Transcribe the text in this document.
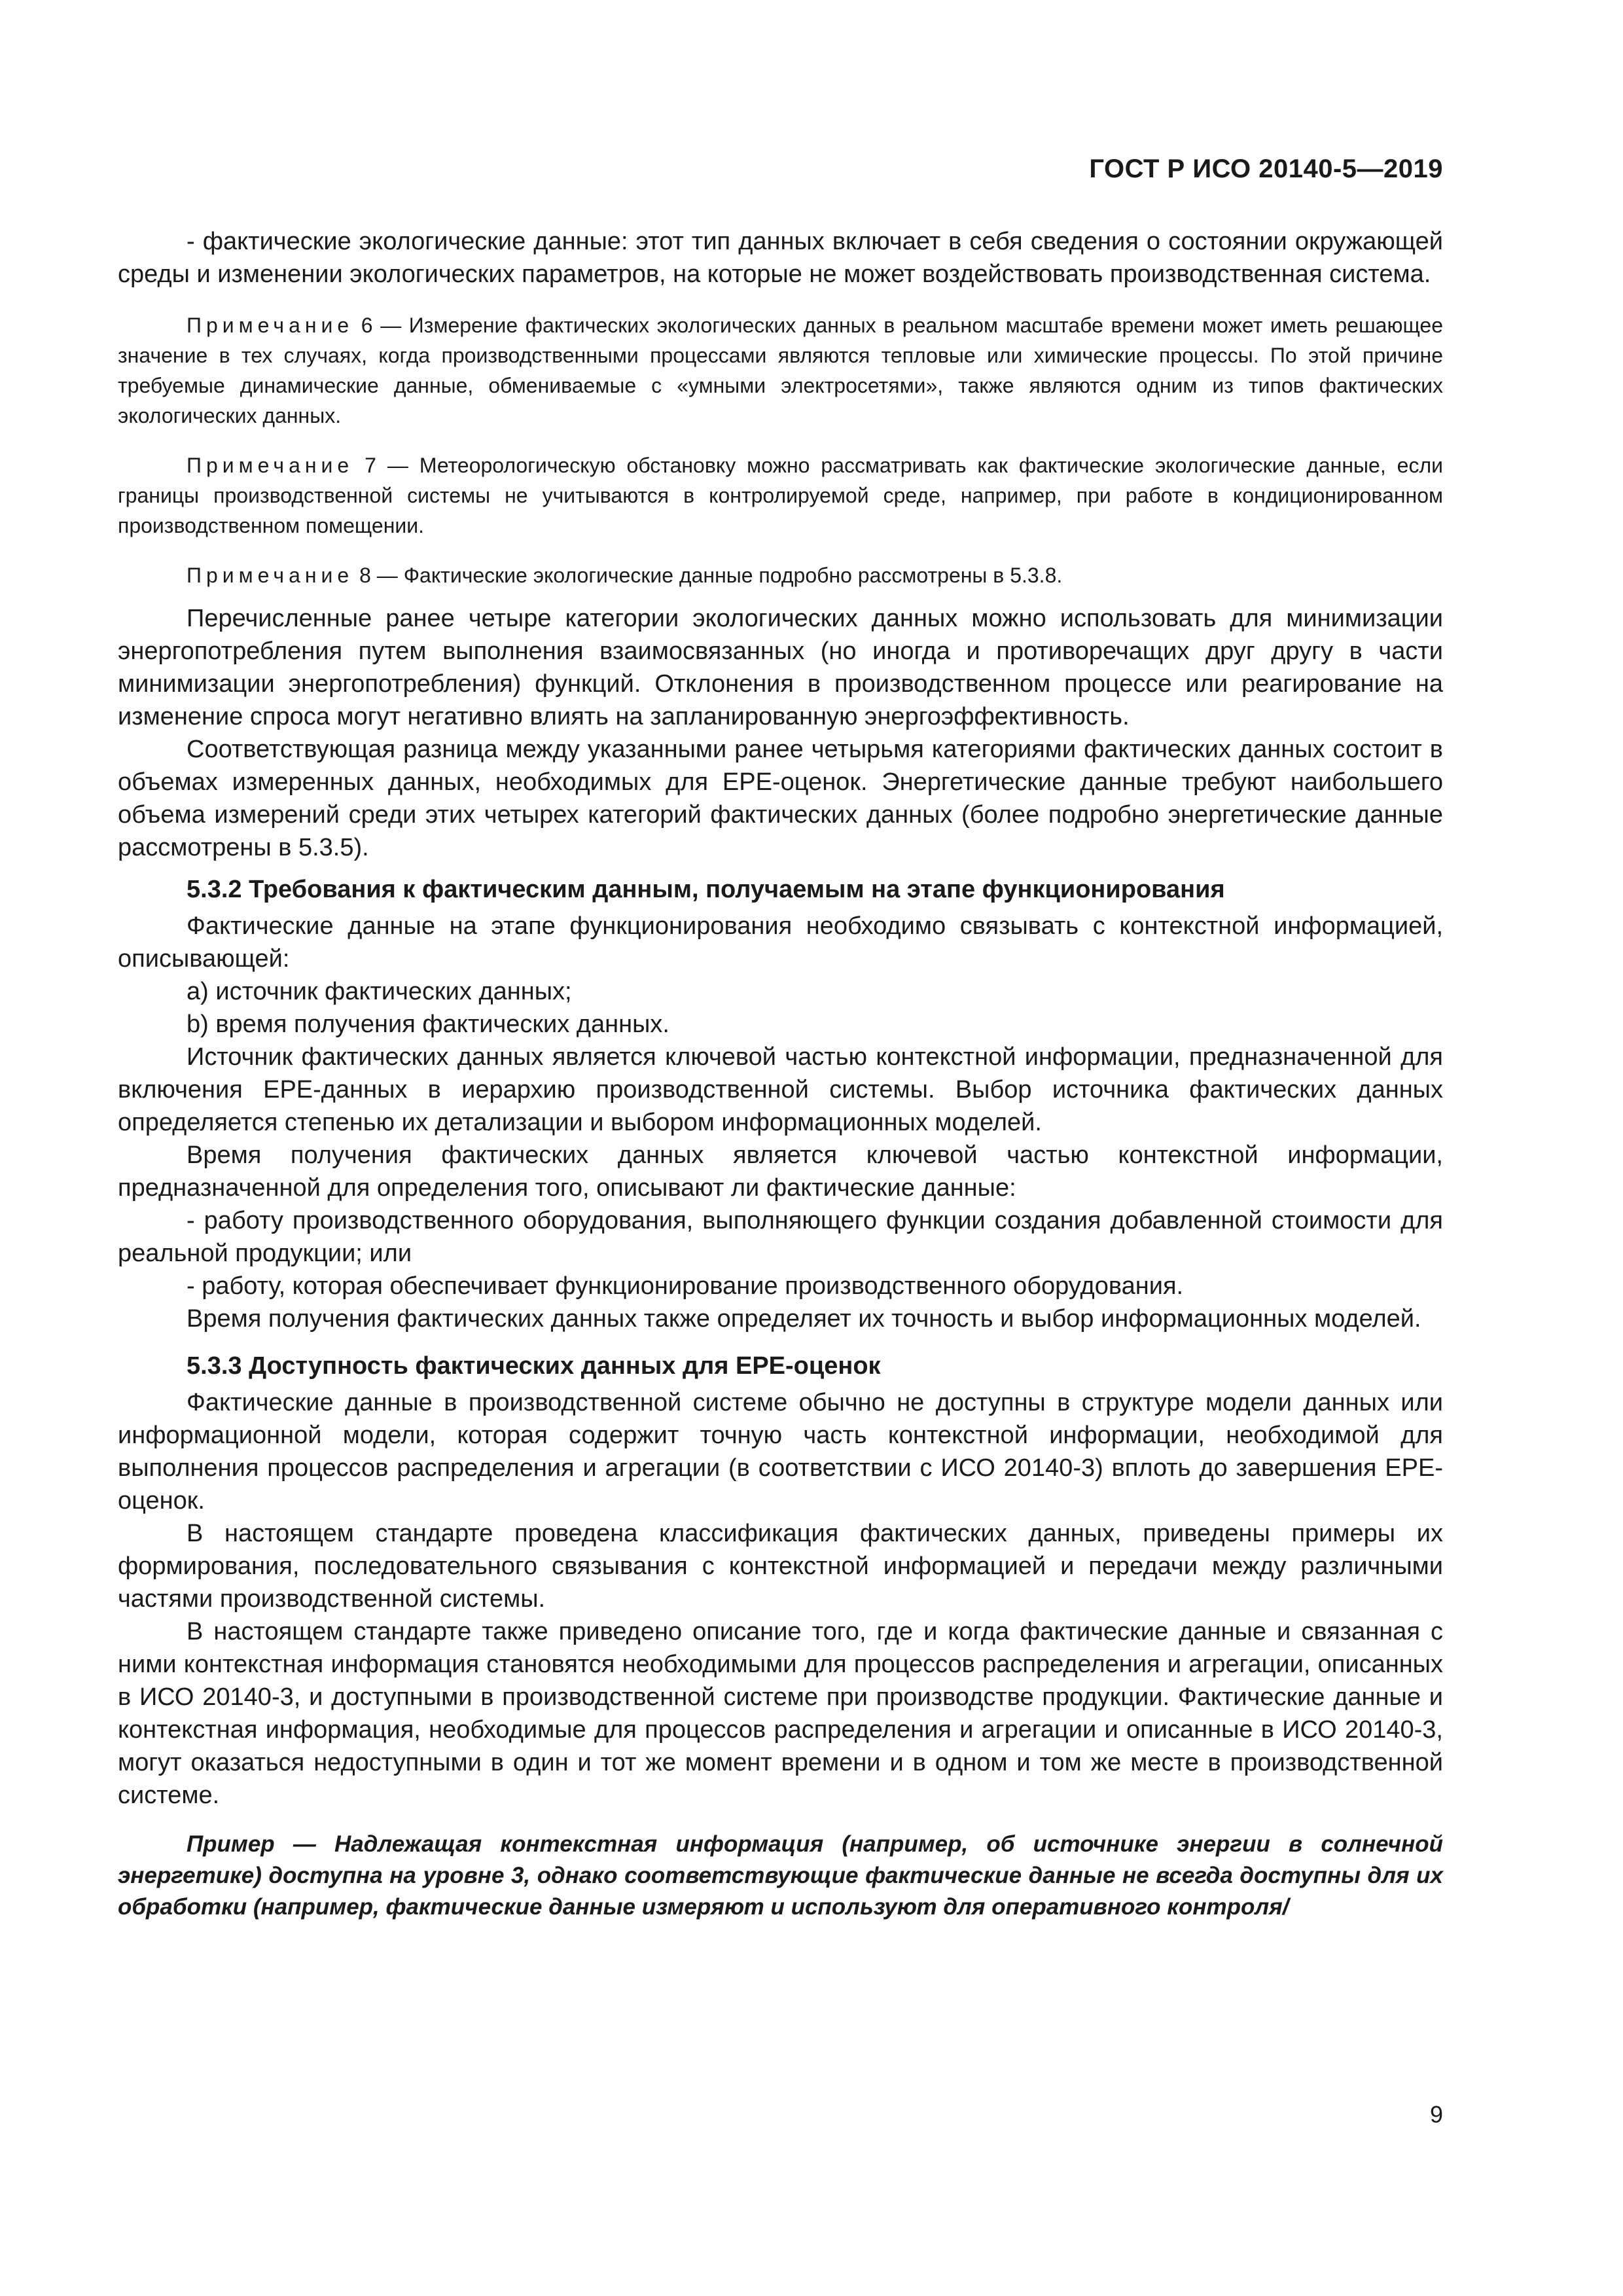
ГОСТ Р ИСО 20140-5—2019

- фактические экологические данные: этот тип данных включает в себя сведения о состоянии окружающей среды и изменении экологических параметров, на которые не может воздействовать производственная система.

Примечание 6 — Измерение фактических экологических данных в реальном масштабе времени может иметь решающее значение в тех случаях, когда производственными процессами являются тепловые или химические процессы. По этой причине требуемые динамические данные, обмениваемые с «умными электросетями», также являются одним из типов фактических экологических данных.

Примечание 7 — Метеорологическую обстановку можно рассматривать как фактические экологические данные, если границы производственной системы не учитываются в контролируемой среде, например, при работе в кондиционированном производственном помещении.

Примечание 8 — Фактические экологические данные подробно рассмотрены в 5.3.8.

Перечисленные ранее четыре категории экологических данных можно использовать для минимизации энергопотребления путем выполнения взаимосвязанных (но иногда и противоречащих друг другу в части минимизации энергопотребления) функций. Отклонения в производственном процессе или реагирование на изменение спроса могут негативно влиять на запланированную энергоэффективность.

Соответствующая разница между указанными ранее четырьмя категориями фактических данных состоит в объемах измеренных данных, необходимых для EPE-оценок. Энергетические данные требуют наибольшего объема измерений среди этих четырех категорий фактических данных (более подробно энергетические данные рассмотрены в 5.3.5).

5.3.2 Требования к фактическим данным, получаемым на этапе функционирования

Фактические данные на этапе функционирования необходимо связывать с контекстной информацией, описывающей:

a) источник фактических данных;

b) время получения фактических данных.

Источник фактических данных является ключевой частью контекстной информации, предназначенной для включения EPE-данных в иерархию производственной системы. Выбор источника фактических данных определяется степенью их детализации и выбором информационных моделей.

Время получения фактических данных является ключевой частью контекстной информации, предназначенной для определения того, описывают ли фактические данные:

- работу производственного оборудования, выполняющего функции создания добавленной стоимости для реальной продукции; или

- работу, которая обеспечивает функционирование производственного оборудования.

Время получения фактических данных также определяет их точность и выбор информационных моделей.

5.3.3 Доступность фактических данных для EPE-оценок

Фактические данные в производственной системе обычно не доступны в структуре модели данных или информационной модели, которая содержит точную часть контекстной информации, необходимой для выполнения процессов распределения и агрегации (в соответствии с ИСО 20140-3) вплоть до завершения EPE-оценок.

В настоящем стандарте проведена классификация фактических данных, приведены примеры их формирования, последовательного связывания с контекстной информацией и передачи между различными частями производственной системы.

В настоящем стандарте также приведено описание того, где и когда фактические данные и связанная с ними контекстная информация становятся необходимыми для процессов распределения и агрегации, описанных в ИСО 20140-3, и доступными в производственной системе при производстве продукции. Фактические данные и контекстная информация, необходимые для процессов распределения и агрегации и описанные в ИСО 20140-3, могут оказаться недоступными в один и тот же момент времени и в одном и том же месте в производственной системе.

Пример — Надлежащая контекстная информация (например, об источнике энергии в солнечной энергетике) доступна на уровне 3, однако соответствующие фактические данные не всегда доступны для их обработки (например, фактические данные измеряют и используют для оперативного контроля/

9
